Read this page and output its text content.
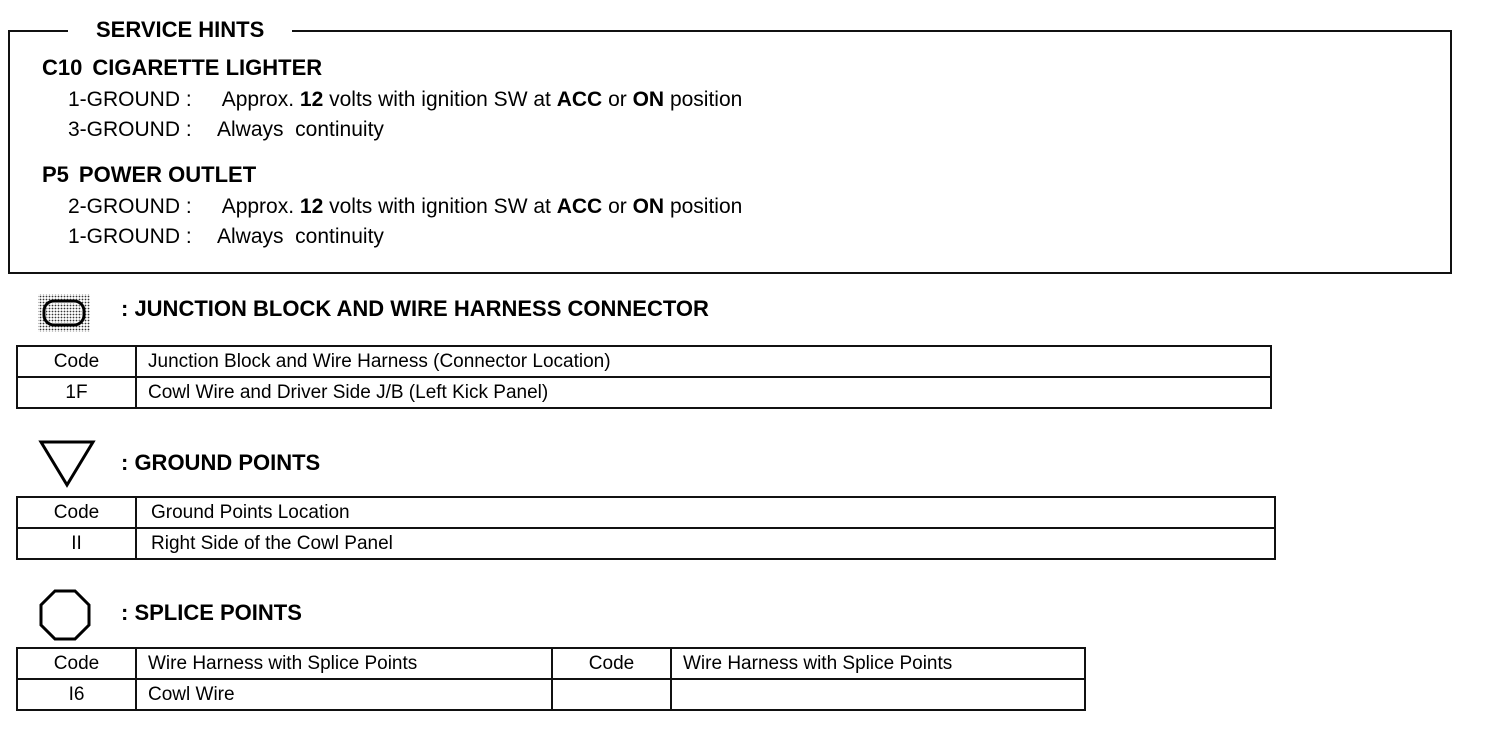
SERVICE HINTS
C10 CIGARETTE LIGHTER
1-GROUND : Approx. 12 volts with ignition SW at ACC or ON position
3-GROUND : Always  continuity
P5 POWER OUTLET
2-GROUND : Approx. 12 volts with ignition SW at ACC or ON position
1-GROUND : Always  continuity
: JUNCTION BLOCK AND WIRE HARNESS CONNECTOR
Code	Junction Block and Wire Harness (Connector Location)
1F	Cowl Wire and Driver Side J/B (Left Kick Panel)
: GROUND POINTS
Code	Ground Points Location
II	Right Side of the Cowl Panel
: SPLICE POINTS
Code	Wire Harness with Splice Points	Code	Wire Harness with Splice Points
I6	Cowl Wire		
